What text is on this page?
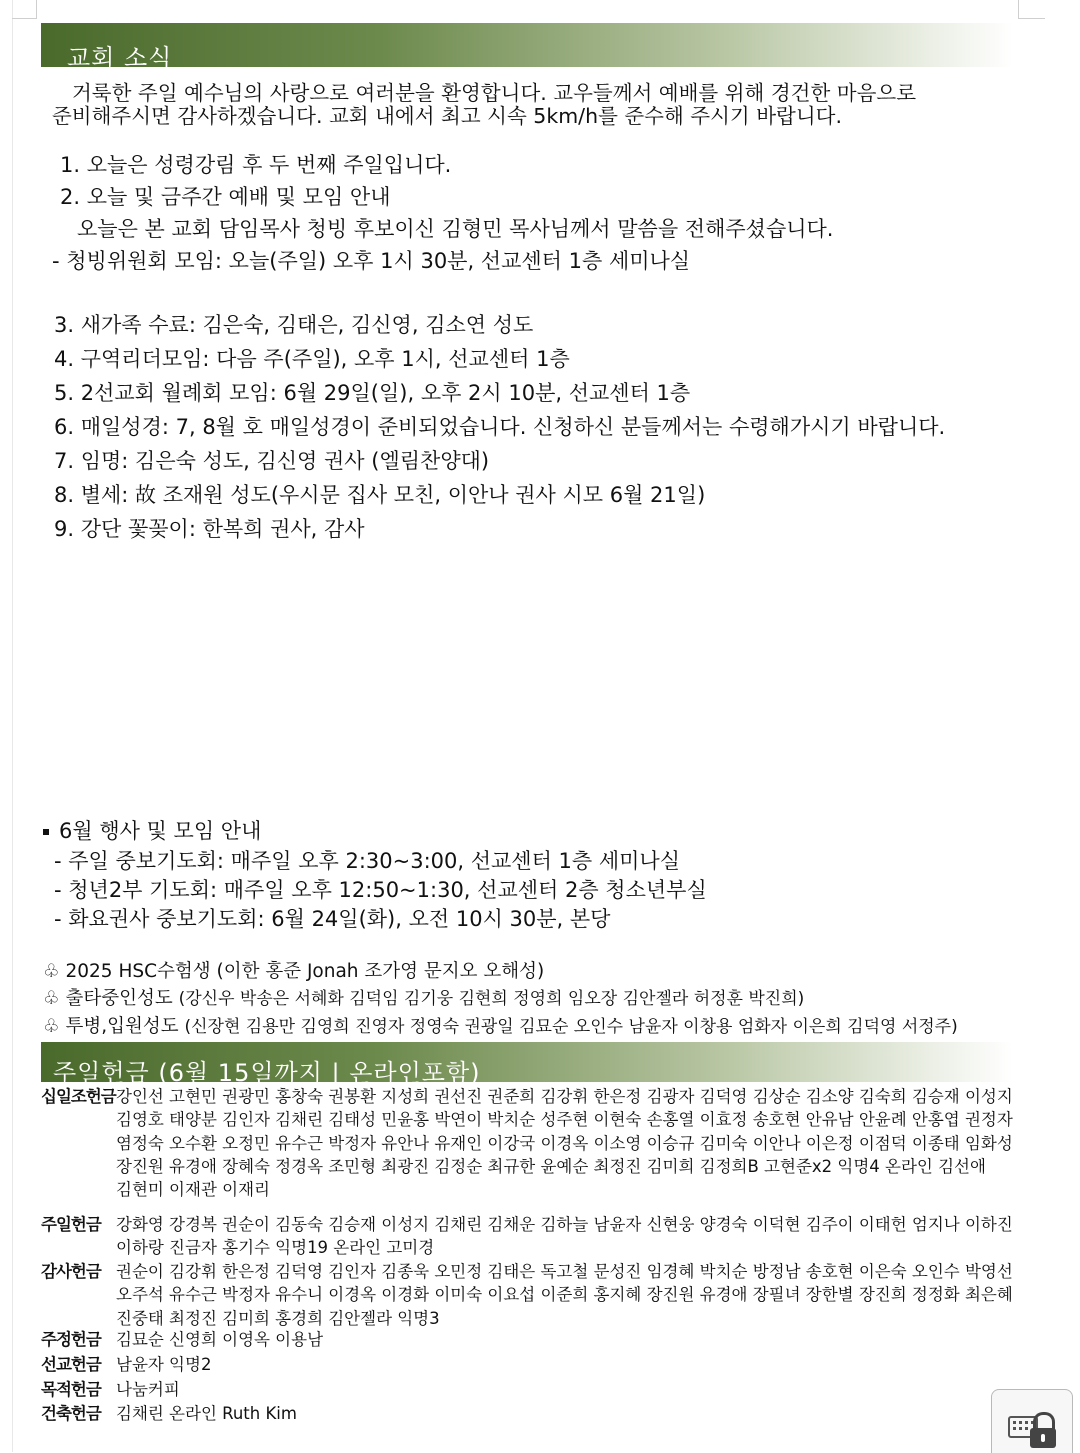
교회 소식
거룩한 주일 예수님의 사랑으로 여러분을 환영합니다. 교우들께서 예배를 위해 경건한 마음으로
준비해주시면 감사하겠습니다. 교회 내에서 최고 시속 5km/h를 준수해 주시기 바랍니다.
1. 오늘은 성령강림 후 두 번째 주일입니다.
2. 오늘 및 금주간 예배 및 모임 안내
오늘은 본 교회 담임목사 청빙 후보이신 김형민 목사님께서 말씀을 전해주셨습니다.
- 청빙위원회 모임: 오늘(주일) 오후 1시 30분, 선교센터 1층 세미나실
3. 새가족 수료: 김은숙, 김태은, 김신영, 김소연 성도
4. 구역리더모임: 다음 주(주일), 오후 1시, 선교센터 1층
5. 2선교회 월례회 모임: 6월 29일(일), 오후 2시 10분, 선교센터 1층
6. 매일성경: 7, 8월 호 매일성경이 준비되었습니다. 신청하신 분들께서는 수령해가시기 바랍니다.
7. 임명: 김은숙 성도, 김신영 권사 (엘림찬양대)
8. 별세: 故 조재원 성도(우시문 집사 모친, 이안나 권사 시모 6월 21일)
9. 강단 꽃꽂이: 한복희 권사, 감사
6월 행사 및 모임 안내
- 주일 중보기도회: 매주일 오후 2:30~3:00, 선교센터 1층 세미나실
- 청년2부 기도회: 매주일 오후 12:50~1:30, 선교센터 2층 청소년부실
- 화요권사 중보기도회: 6월 24일(화), 오전 10시 30분, 본당
♧ 2025 HSC수험생 (이한 홍준 Jonah 조가영 문지오 오해성)
♧ 출타중인성도 (강신우 박송은 서혜화 김덕임 김기웅 김현희 정영희 임오장 김안젤라 허정훈 박진희)
♧ 투병,입원성도 (신장현 김용만 김영희 진영자 정영숙 권광일 김묘순 오인수 남윤자 이창용 엄화자 이은희 김덕영 서정주)
주일헌금 (6월 15일까지 | 온라인포함)
십일조헌금 강인선 고현민 권광민 홍창숙 권봉환 지성희 권선진 권준희 김강휘 한은정 김광자 김덕영 김상순 김소양 김숙희 김승재 이성지
김영호 태양분 김인자 김채린 김태성 민윤홍 박연이 박치순 성주현 이현숙 손홍열 이효정 송호현 안유남 안윤례 안홍엽 권정자
염정숙 오수환 오정민 유수근 박정자 유안나 유재인 이강국 이경옥 이소영 이승규 김미숙 이안나 이은정 이점덕 이종태 임화성
장진원 유경애 장혜숙 정경옥 조민형 최광진 김정순 최규한 윤예순 최정진 김미희 김정희B 고현준x2 익명4 온라인 김선애
김현미 이재관 이재리
주일헌금 강화영 강경복 권순이 김동숙 김승재 이성지 김채린 김채운 김하늘 남윤자 신현웅 양경숙 이덕현 김주이 이태헌 엄지나 이하진
이하랑 진금자 홍기수 익명19 온라인 고미경
감사헌금 권순이 김강휘 한은정 김덕영 김인자 김종욱 오민정 김태은 독고철 문성진 임경혜 박치순 방정남 송호현 이은숙 오인수 박영선
오주석 유수근 박정자 유수니 이경옥 이경화 이미숙 이요섭 이준희 홍지혜 장진원 유경애 장필녀 장한별 장진희 정정화 최은혜
진중태 최정진 김미희 홍경희 김안젤라 익명3
주정헌금 김묘순 신영희 이영옥 이용남
선교헌금 남윤자 익명2
목적헌금 나눔커피
건축헌금 김채린 온라인 Ruth Kim
